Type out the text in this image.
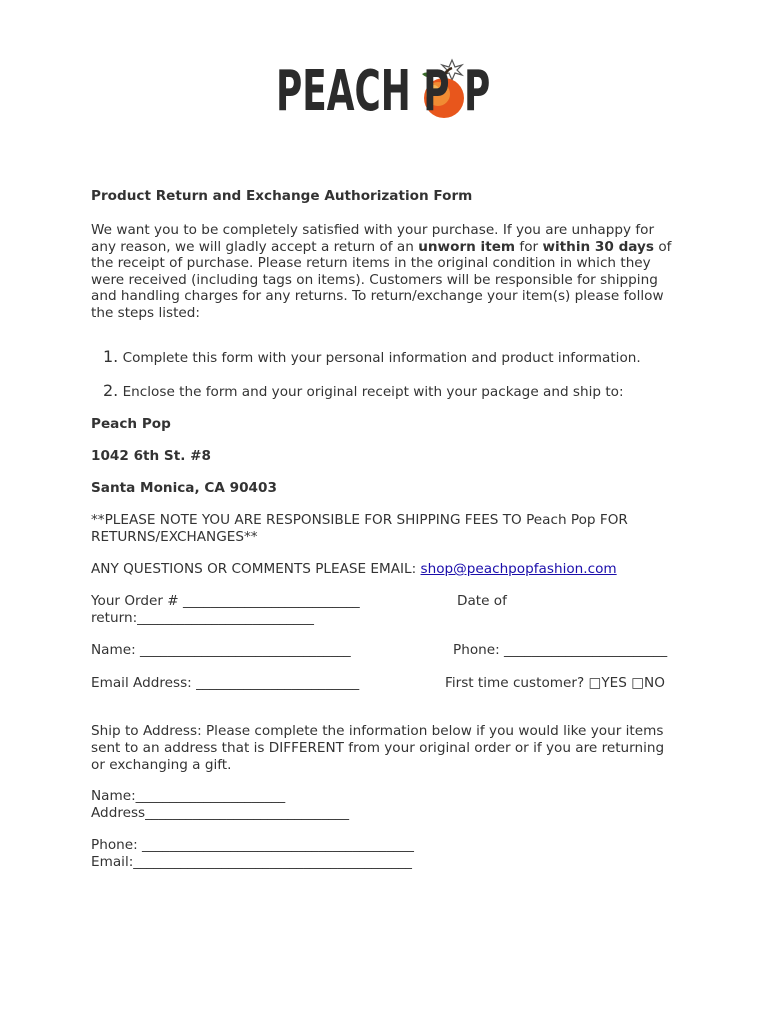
PEACH P P
Product Return and Exchange Authorization Form
We want you to be completely satisfied with your purchase. If you are unhappy for any reason, we will gladly accept a return of an unworn item for within 30 days of the receipt of purchase. Please return items in the original condition in which they were received (including tags on items). Customers will be responsible for shipping and handling charges for any returns. To return/exchange your item(s) please follow the steps listed:
1. Complete this form with your personal information and product information.
2. Enclose the form and your original receipt with your package and ship to:
Peach Pop
1042 6th St. #8
Santa Monica, CA 90403
**PLEASE NOTE YOU ARE RESPONSIBLE FOR SHIPPING FEES TO Peach Pop FOR
RETURNS/EXCHANGES**
ANY QUESTIONS OR COMMENTS PLEASE EMAIL: shop@peachpopfashion.com
Your Order # __________________________	Date of
return:__________________________
Name: _______________________________	Phone: ________________________
Email Address: ________________________	First time customer? □YES □NO
Ship to Address: Please complete the information below if you would like your items
sent to an address that is DIFFERENT from your original order or if you are returning
or exchanging a gift.
Name:______________________
Address______________________________
Phone: ________________________________________
Email:_________________________________________
